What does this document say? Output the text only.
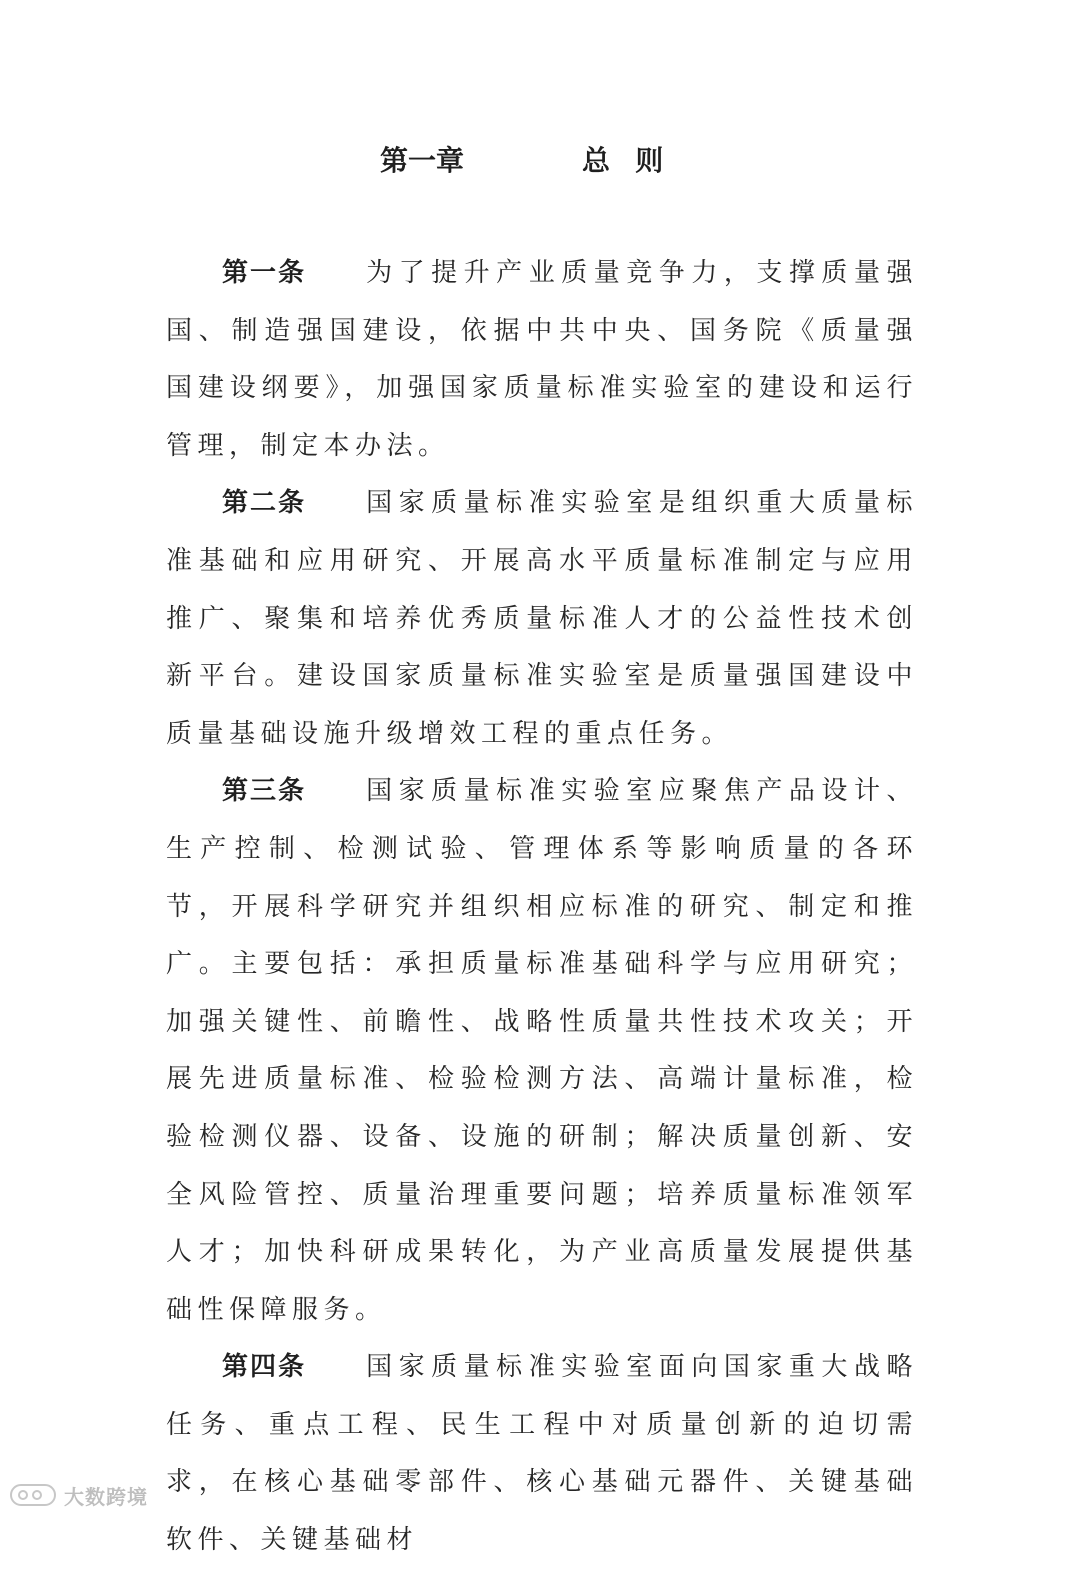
第一章	总则

第一条 为了提升产业质量竞争力，支撑质量强国、制造强国建设，依据中共中央、国务院《质量强国建设纲要》，加强国家质量标准实验室的建设和运行管理，制定本办法。

第二条 国家质量标准实验室是组织重大质量标准基础和应用研究、开展高水平质量标准制定与应用推广、聚集和培养优秀质量标准人才的公益性技术创新平台。建设国家质量标准实验室是质量强国建设中质量基础设施升级增效工程的重点任务。

第三条 国家质量标准实验室应聚焦产品设计、生产控制、检测试验、管理体系等影响质量的各环节，开展科学研究并组织相应标准的研究、制定和推广。主要包括：承担质量标准基础科学与应用研究；加强关键性、前瞻性、战略性质量共性技术攻关；开展先进质量标准、检验检测方法、高端计量标准，检验检测仪器、设备、设施的研制；解决质量创新、安全风险管控、质量治理重要问题；培养质量标准领军人才；加快科研成果转化，为产业高质量发展提供基础性保障服务。

第四条 国家质量标准实验室面向国家重大战略任务、重点工程、民生工程中对质量创新的迫切需求，在核心基础零部件、核心基础元器件、关键基础软件、关键基础材

大数跨境
